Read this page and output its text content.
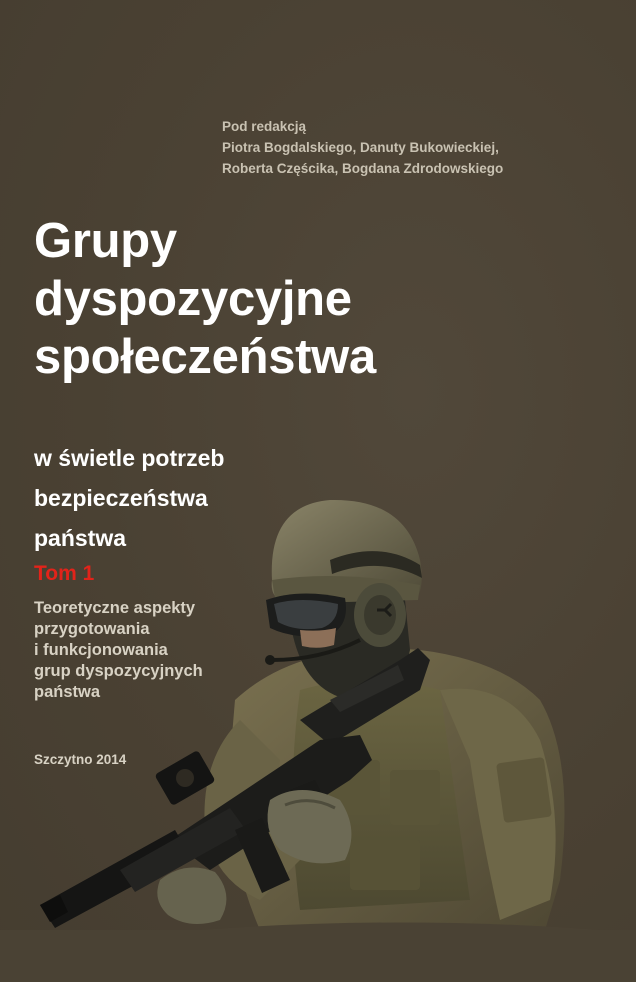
Pod redakcją
Piotra Bogdalskiego, Danuty Bukowieckiej,
Roberta Częścika, Bogdana Zdrodowskiego
Grupy
dyspozycyjne
społeczeństwa
w świetle potrzeb
bezpieczeństwa
państwa
Tom 1
Teoretyczne aspekty
przygotowania
i funkcjonowania
grup dyspozycyjnych
państwa
Szczytno 2014
